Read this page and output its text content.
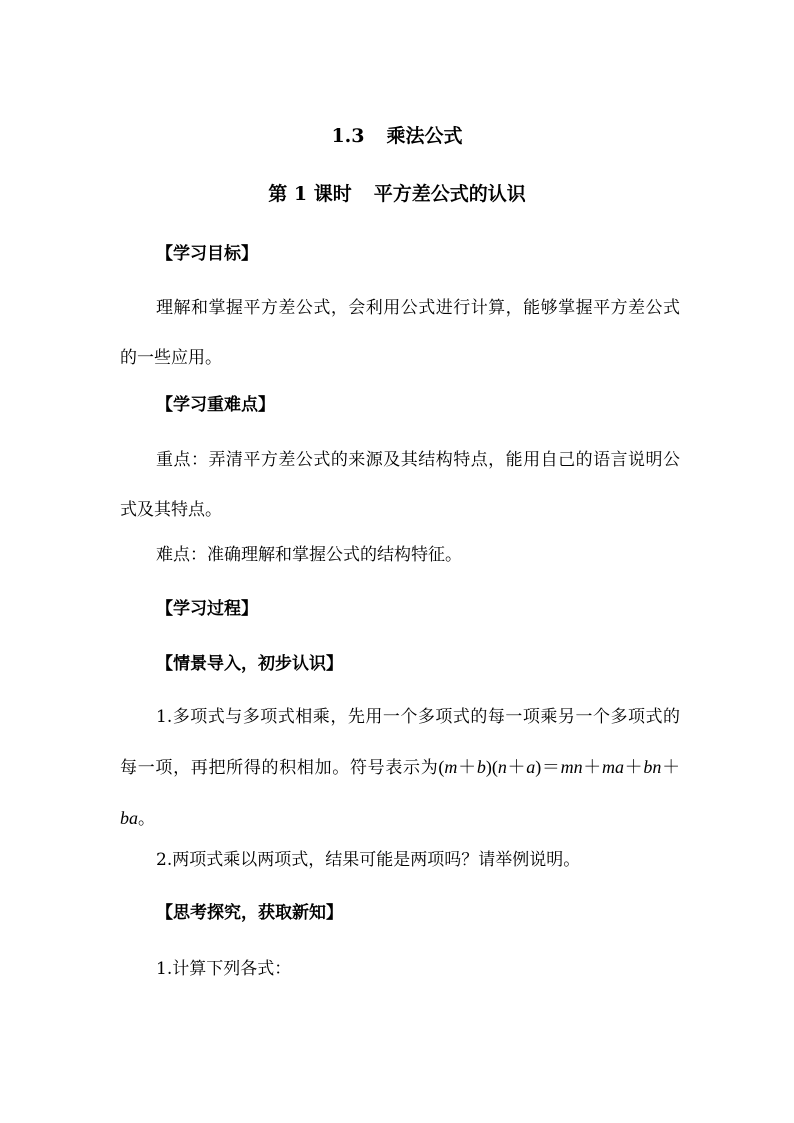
1.3 乘法公式
第 1 课时 平方差公式的认识
【学习目标】

理解和掌握平方差公式，会利用公式进行计算，能够掌握平方差公式的一些应用。

【学习重难点】

重点：弄清平方差公式的来源及其结构特点，能用自己的语言说明公式及其特点。

难点：准确理解和掌握公式的结构特征。

【学习过程】
【情景导入，初步认识】

1.多项式与多项式相乘，先用一个多项式的每一项乘另一个多项式的每一项，再把所得的积相加。符号表示为(m＋b)(n＋a)＝mn＋ma＋bn＋ba。

2.两项式乘以两项式，结果可能是两项吗？请举例说明。

【思考探究，获取新知】

1.计算下列各式：
